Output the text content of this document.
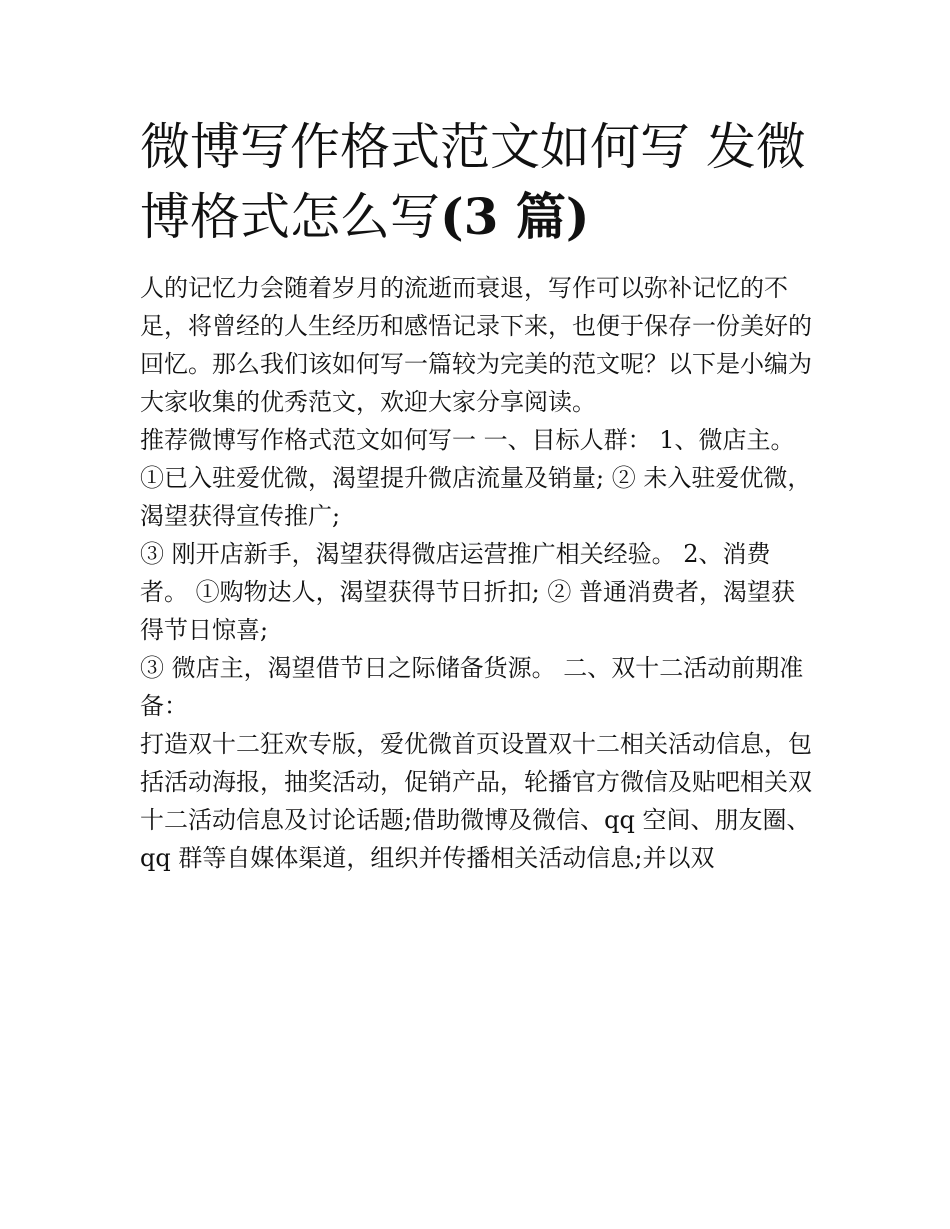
微博写作格式范文如何写 发微博格式怎么写(3 篇)

人的记忆力会随着岁月的流逝而衰退，写作可以弥补记忆的不足，将曾经的人生经历和感悟记录下来，也便于保存一份美好的回忆。那么我们该如何写一篇较为完美的范文呢？以下是小编为大家收集的优秀范文，欢迎大家分享阅读。

推荐微博写作格式范文如何写一 一、目标人群： 1、微店主。 ①已入驻爱优微，渴望提升微店流量及销量; ② 未入驻爱优微，渴望获得宣传推广;

③ 刚开店新手，渴望获得微店运营推广相关经验。 2、消费者。 ①购物达人，渴望获得节日折扣; ② 普通消费者，渴望获得节日惊喜;

③ 微店主，渴望借节日之际储备货源。 二、双十二活动前期准备：

打造双十二狂欢专版，爱优微首页设置双十二相关活动信息，包括活动海报，抽奖活动，促销产品，轮播官方微信及贴吧相关双十二活动信息及讨论话题;借助微博及微信、qq 空间、朋友圈、qq 群等自媒体渠道，组织并传播相关活动信息;并以双
